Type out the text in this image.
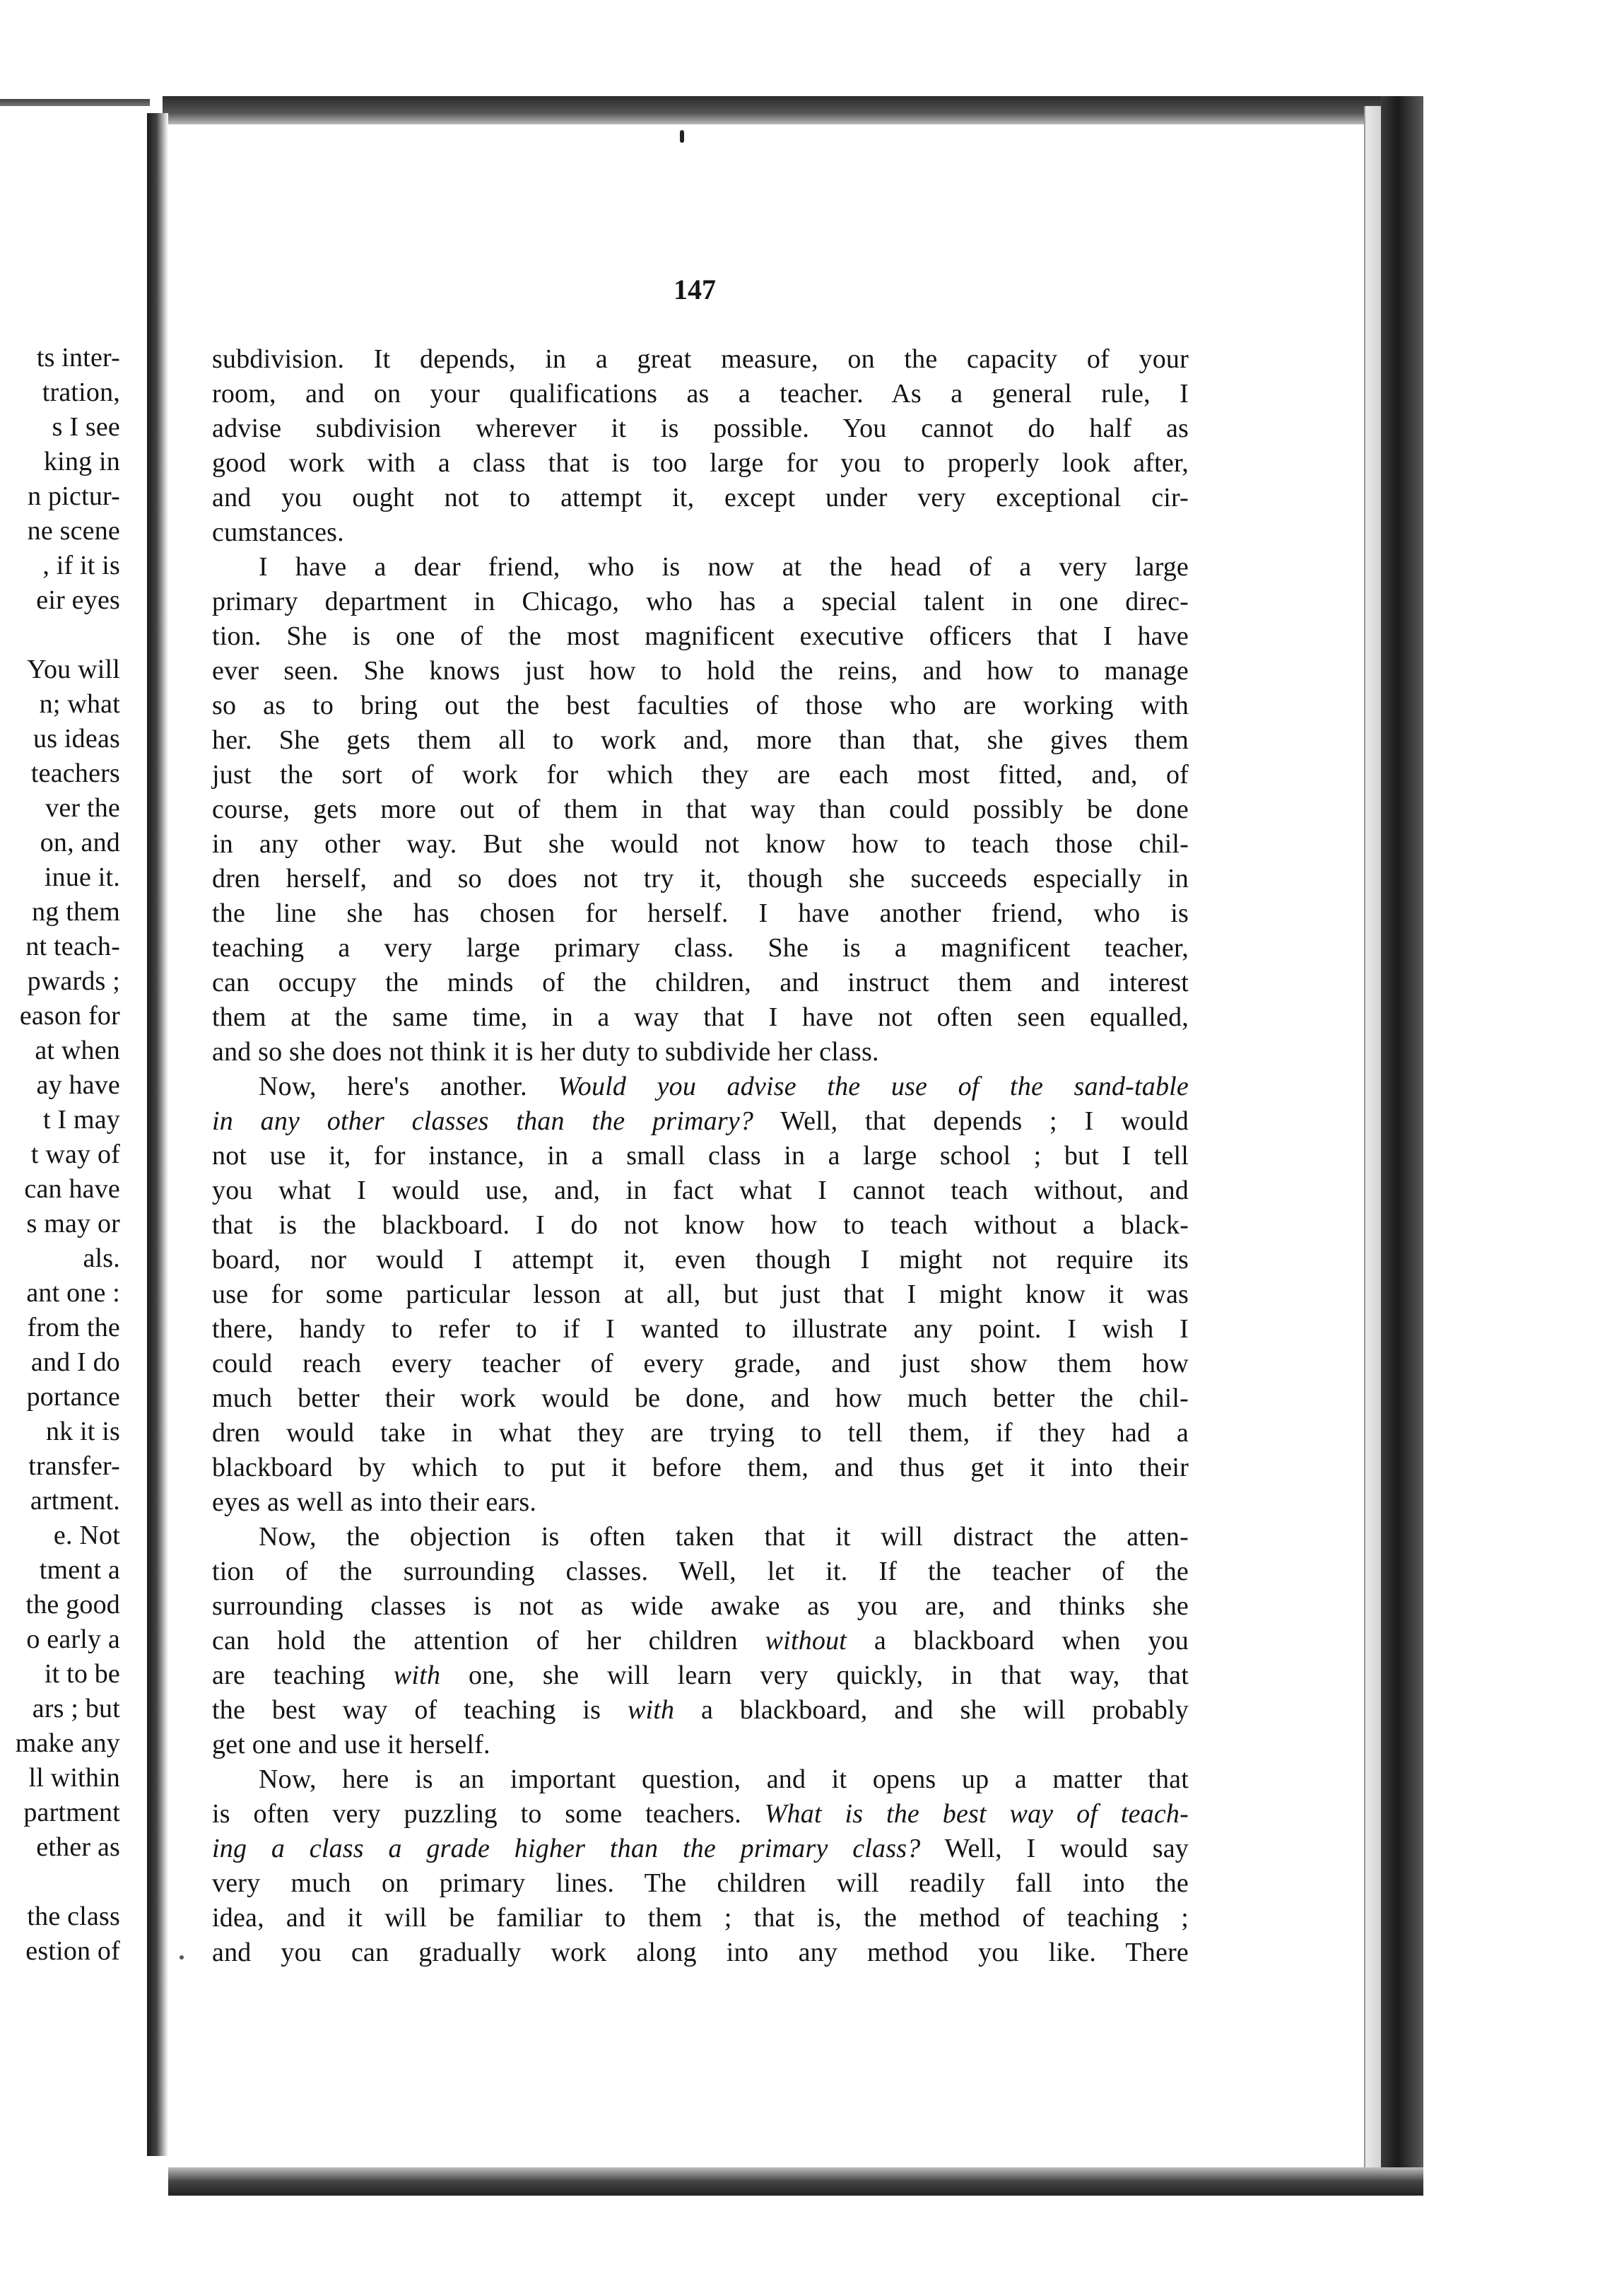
ts inter-
tration,
s I see
king in
n pictur-
ne scene
, if it is
eir eyes
You will
n; what
us ideas
teachers
ver the
on, and
inue it.
ng them
nt teach-
pwards ;
eason for
at when
ay have
t I may
t way of
can have
s may or
als.
ant one :
from the
and I do
portance
nk it is
transfer-
artment.
e. Not
tment a
the good
o early a
it to be
ars ; but
make any
ll within
partment
ether as
the class
estion of
147
subdivision. It depends, in a great measure, on the capacity of your
room, and on your qualifications as a teacher. As a general rule, I
advise subdivision wherever it is possible. You cannot do half as
good work with a class that is too large for you to properly look after,
and you ought not to attempt it, except under very exceptional cir-
cumstances.
I have a dear friend, who is now at the head of a very large
primary department in Chicago, who has a special talent in one direc-
tion. She is one of the most magnificent executive officers that I have
ever seen. She knows just how to hold the reins, and how to manage
so as to bring out the best faculties of those who are working with
her. She gets them all to work and, more than that, she gives them
just the sort of work for which they are each most fitted, and, of
course, gets more out of them in that way than could possibly be done
in any other way. But she would not know how to teach those chil-
dren herself, and so does not try it, though she succeeds especially in
the line she has chosen for herself. I have another friend, who is
teaching a very large primary class. She is a magnificent teacher,
can occupy the minds of the children, and instruct them and interest
them at the same time, in a way that I have not often seen equalled,
and so she does not think it is her duty to subdivide her class.
Now, here's another. Would you advise the use of the sand-table
in any other classes than the primary? Well, that depends ; I would
not use it, for instance, in a small class in a large school ; but I tell
you what I would use, and, in fact what I cannot teach without, and
that is the blackboard. I do not know how to teach without a black-
board, nor would I attempt it, even though I might not require its
use for some particular lesson at all, but just that I might know it was
there, handy to refer to if I wanted to illustrate any point. I wish I
could reach every teacher of every grade, and just show them how
much better their work would be done, and how much better the chil-
dren would take in what they are trying to tell them, if they had a
blackboard by which to put it before them, and thus get it into their
eyes as well as into their ears.
Now, the objection is often taken that it will distract the atten-
tion of the surrounding classes. Well, let it. If the teacher of the
surrounding classes is not as wide awake as you are, and thinks she
can hold the attention of her children without a blackboard when you
are teaching with one, she will learn very quickly, in that way, that
the best way of teaching is with a blackboard, and she will probably
get one and use it herself.
Now, here is an important question, and it opens up a matter that
is often very puzzling to some teachers. What is the best way of teach-
ing a class a grade higher than the primary class? Well, I would say
very much on primary lines. The children will readily fall into the
idea, and it will be familiar to them ; that is, the method of teaching ;
and you can gradually work along into any method you like. There
